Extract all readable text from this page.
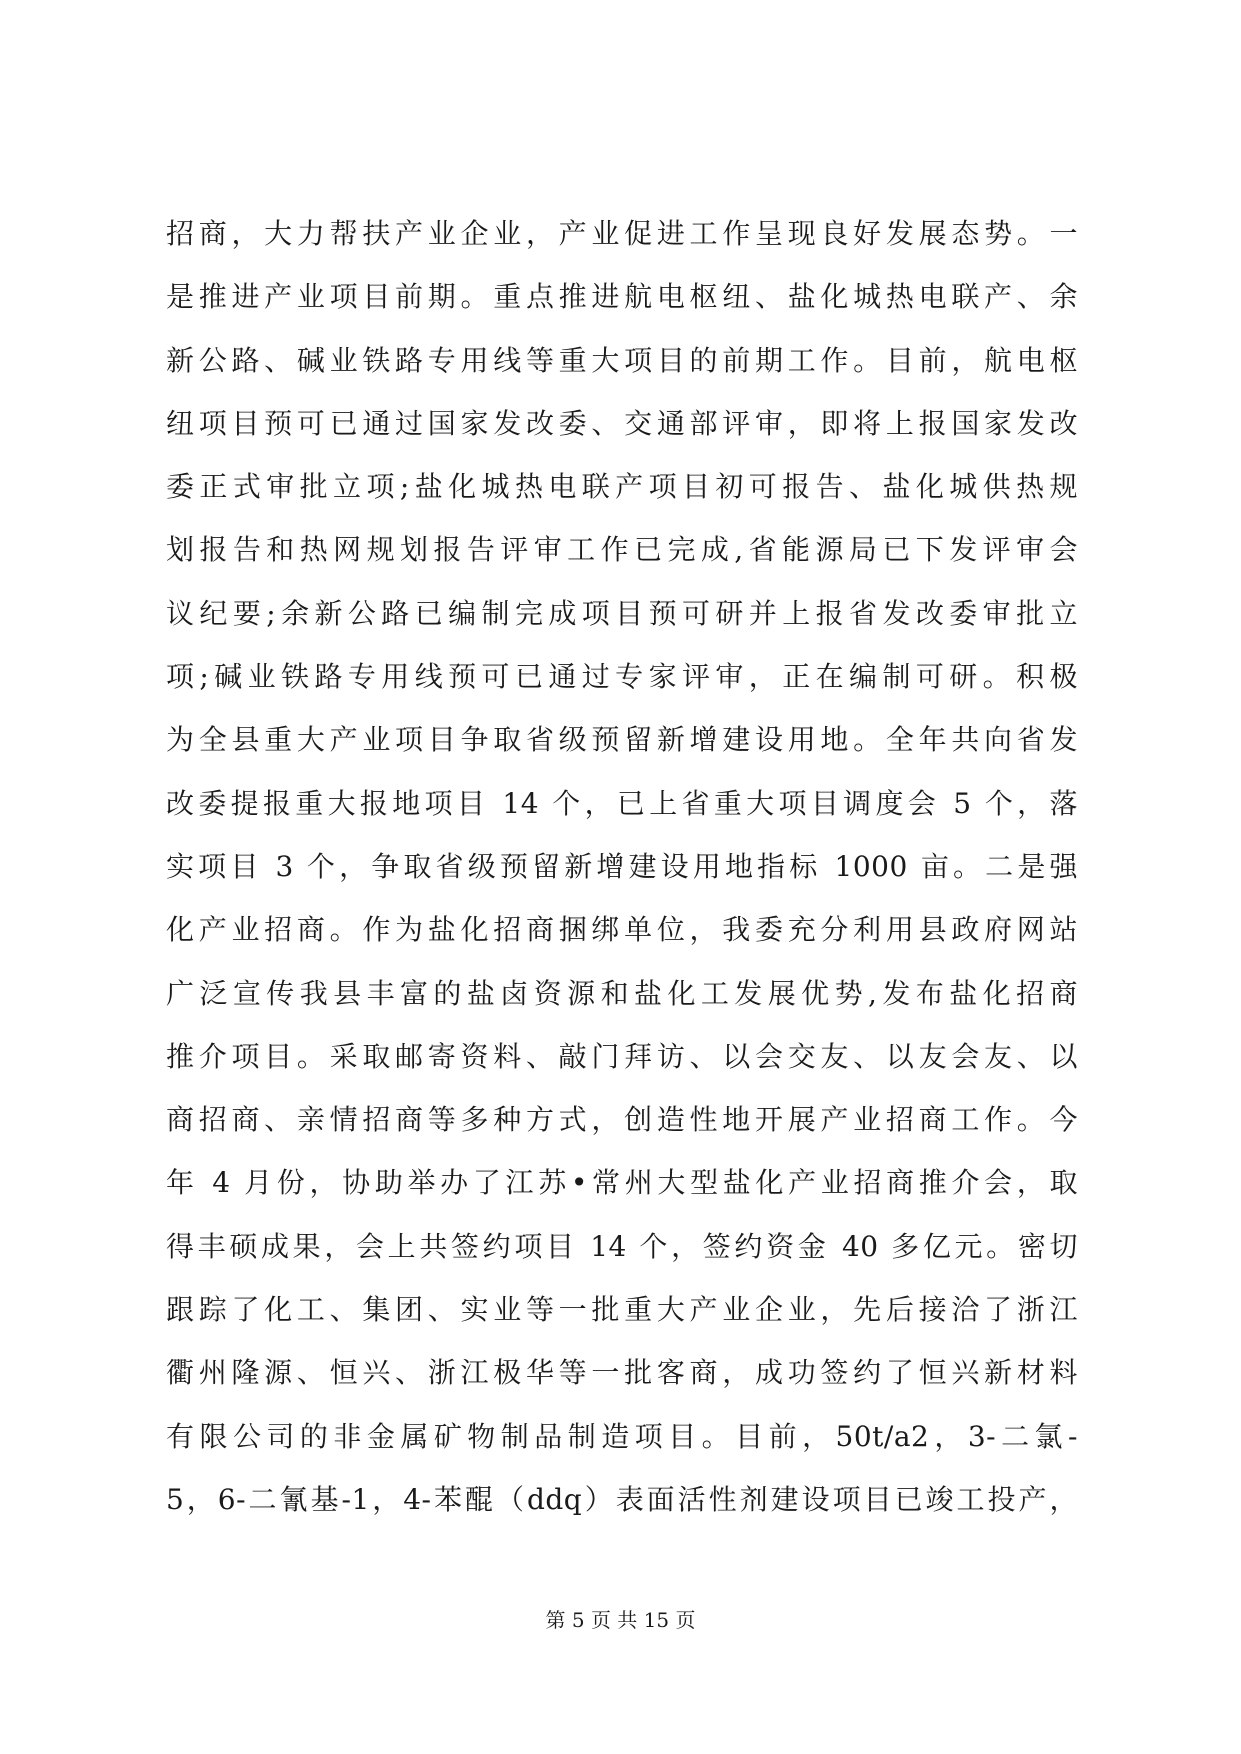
招商，大力帮扶产业企业，产业促进工作呈现良好发展态势。一
是推进产业项目前期。重点推进航电枢纽、盐化城热电联产、余
新公路、碱业铁路专用线等重大项目的前期工作。目前，航电枢
纽项目预可已通过国家发改委、交通部评审，即将上报国家发改
委正式审批立项;盐化城热电联产项目初可报告、盐化城供热规
划报告和热网规划报告评审工作已完成,省能源局已下发评审会
议纪要;余新公路已编制完成项目预可研并上报省发改委审批立
项;碱业铁路专用线预可已通过专家评审，正在编制可研。积极
为全县重大产业项目争取省级预留新增建设用地。全年共向省发
改委提报重大报地项目 14 个，已上省重大项目调度会 5 个，落
实项目 3 个，争取省级预留新增建设用地指标 1000 亩。二是强
化产业招商。作为盐化招商捆绑单位，我委充分利用县政府网站
广泛宣传我县丰富的盐卤资源和盐化工发展优势,发布盐化招商
推介项目。采取邮寄资料、敲门拜访、以会交友、以友会友、以
商招商、亲情招商等多种方式，创造性地开展产业招商工作。今
年 4 月份，协助举办了江苏•常州大型盐化产业招商推介会，取
得丰硕成果，会上共签约项目 14 个，签约资金 40 多亿元。密切
跟踪了化工、集团、实业等一批重大产业企业，先后接洽了浙江
衢州隆源、恒兴、浙江极华等一批客商，成功签约了恒兴新材料
有限公司的非金属矿物制品制造项目。目前，50t/a2，3-二氯-
5，6-二氰基-1，4-苯醌（ddq）表面活性剂建设项目已竣工投产，
第 5 页 共 15 页
